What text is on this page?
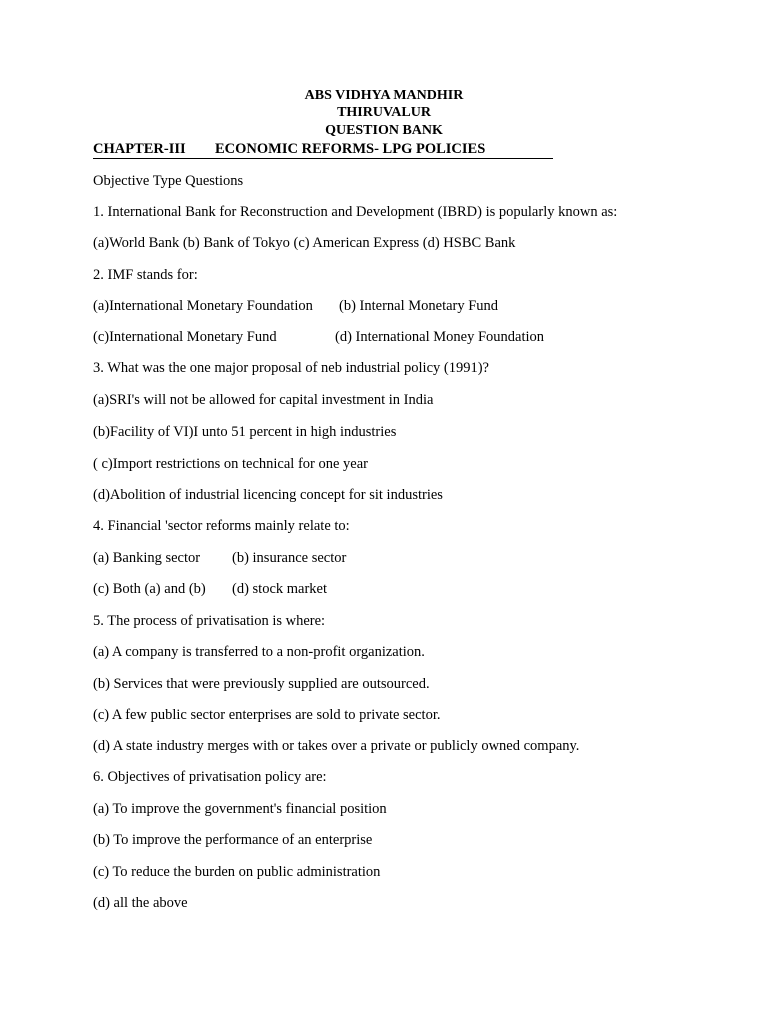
ABS VIDHYA MANDHIR
THIRUVALUR
QUESTION BANK
CHAPTER-III ECONOMIC REFORMS- LPG POLICIES
Objective Type Questions
1. International Bank for Reconstruction and Development (IBRD) is popularly known as:
(a)World Bank (b) Bank of Tokyo (c) American Express (d) HSBC Bank
2. IMF stands for:
(a)International Monetary Foundation (b) Internal Monetary Fund
(c)International Monetary Fund	(d) International Money Foundation
3. What was the one major proposal of neb industrial policy (1991)?
(a)SRI's will not be allowed for capital investment in India
(b)Facility of VI)I unto 51 percent in high industries
( c)Import restrictions on technical for one year
(d)Abolition of industrial licencing concept for sit industries
4. Financial 'sector reforms mainly relate to:
(a) Banking sector (b) insurance sector
(c) Both (a) and (b) (d) stock market
5. The process of privatisation is where:
(a) A company is transferred to a non-profit organization.
(b) Services that were previously supplied are outsourced.
(c) A few public sector enterprises are sold to private sector.
(d) A state industry merges with or takes over a private or publicly owned company.
6. Objectives of privatisation policy are:
(a) To improve the government's financial position
(b) To improve the performance of an enterprise
(c) To reduce the burden on public administration
(d) all the above
